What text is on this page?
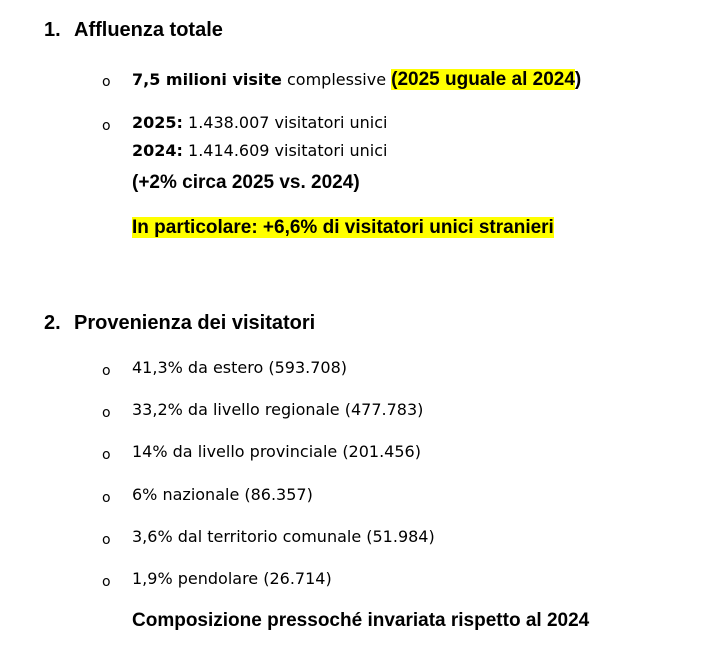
1. Affluenza totale
o 7,5 milioni visite complessive (2025 uguale al 2024)
o 2025: 1.438.007 visitatori unici
2024: 1.414.609 visitatori unici
(+2% circa 2025 vs. 2024)
In particolare: +6,6% di visitatori unici stranieri
2. Provenienza dei visitatori
o 41,3% da estero (593.708)
o 33,2% da livello regionale (477.783)
o 14% da livello provinciale (201.456)
o 6% nazionale (86.357)
o 3,6% dal territorio comunale (51.984)
o 1,9% pendolare (26.714)
Composizione pressoché invariata rispetto al 2024
